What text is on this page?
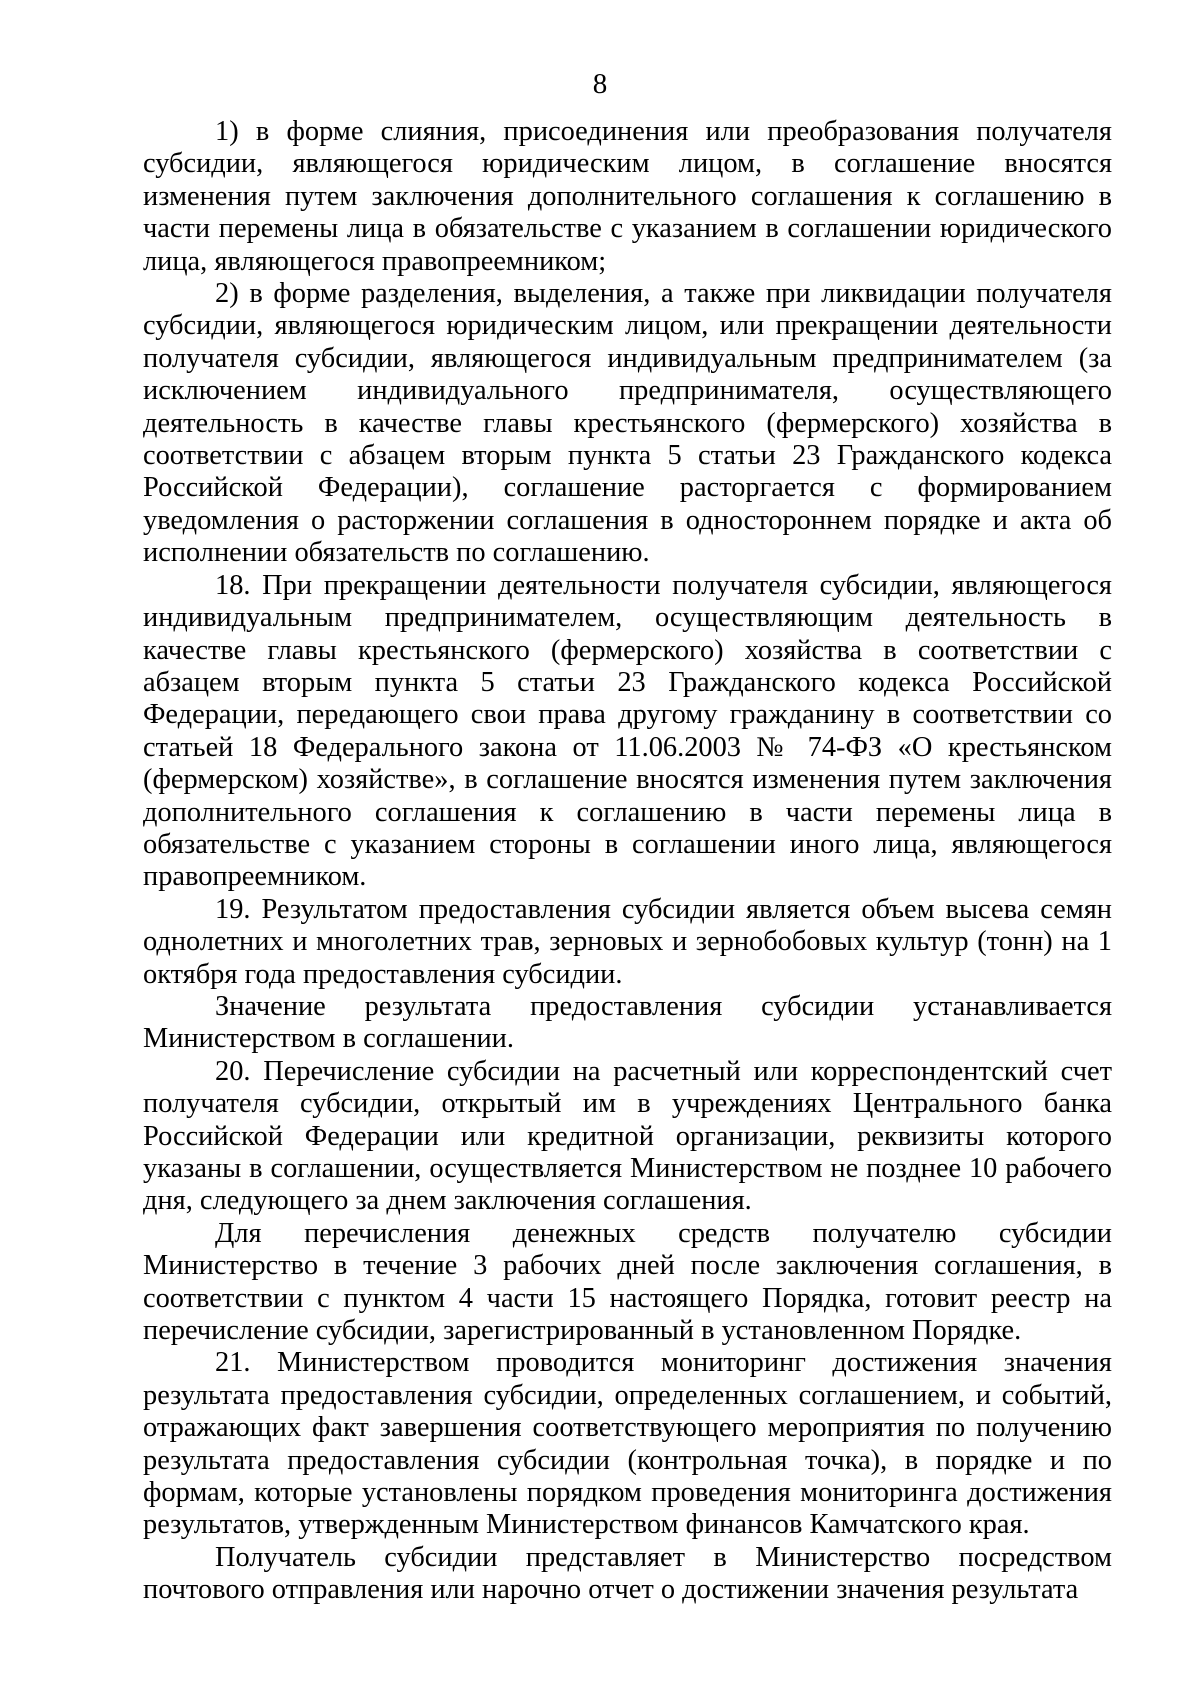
8

1) в форме слияния, присоединения или преобразования получателя субсидии, являющегося юридическим лицом, в соглашение вносятся изменения путем заключения дополнительного соглашения к соглашению в части перемены лица в обязательстве с указанием в соглашении юридического лица, являющегося правопреемником;

2) в форме разделения, выделения, а также при ликвидации получателя субсидии, являющегося юридическим лицом, или прекращении деятельности получателя субсидии, являющегося индивидуальным предпринимателем (за исключением индивидуального предпринимателя, осуществляющего деятельность в качестве главы крестьянского (фермерского) хозяйства в соответствии с абзацем вторым пункта 5 статьи 23 Гражданского кодекса Российской Федерации), соглашение расторгается с формированием уведомления о расторжении соглашения в одностороннем порядке и акта об исполнении обязательств по соглашению.

18. При прекращении деятельности получателя субсидии, являющегося индивидуальным предпринимателем, осуществляющим деятельность в качестве главы крестьянского (фермерского) хозяйства в соответствии с абзацем вторым пункта 5 статьи 23 Гражданского кодекса Российской Федерации, передающего свои права другому гражданину в соответствии со статьей 18 Федерального закона от 11.06.2003 № 74-ФЗ «О крестьянском (фермерском) хозяйстве», в соглашение вносятся изменения путем заключения дополнительного соглашения к соглашению в части перемены лица в обязательстве с указанием стороны в соглашении иного лица, являющегося правопреемником.

19. Результатом предоставления субсидии является объем высева семян однолетних и многолетних трав, зерновых и зернобобовых культур (тонн) на 1 октября года предоставления субсидии.

Значение результата предоставления субсидии устанавливается Министерством в соглашении.

20. Перечисление субсидии на расчетный или корреспондентский счет получателя субсидии, открытый им в учреждениях Центрального банка Российской Федерации или кредитной организации, реквизиты которого указаны в соглашении, осуществляется Министерством не позднее 10 рабочего дня, следующего за днем заключения соглашения.

Для перечисления денежных средств получателю субсидии Министерство в течение 3 рабочих дней после заключения соглашения, в соответствии с пунктом 4 части 15 настоящего Порядка, готовит реестр на перечисление субсидии, зарегистрированный в установленном Порядке.

21. Министерством проводится мониторинг достижения значения результата предоставления субсидии, определенных соглашением, и событий, отражающих факт завершения соответствующего мероприятия по получению результата предоставления субсидии (контрольная точка), в порядке и по формам, которые установлены порядком проведения мониторинга достижения результатов, утвержденным Министерством финансов Камчатского края.

Получатель субсидии представляет в Министерство посредством почтового отправления или нарочно отчет о достижении значения результата
